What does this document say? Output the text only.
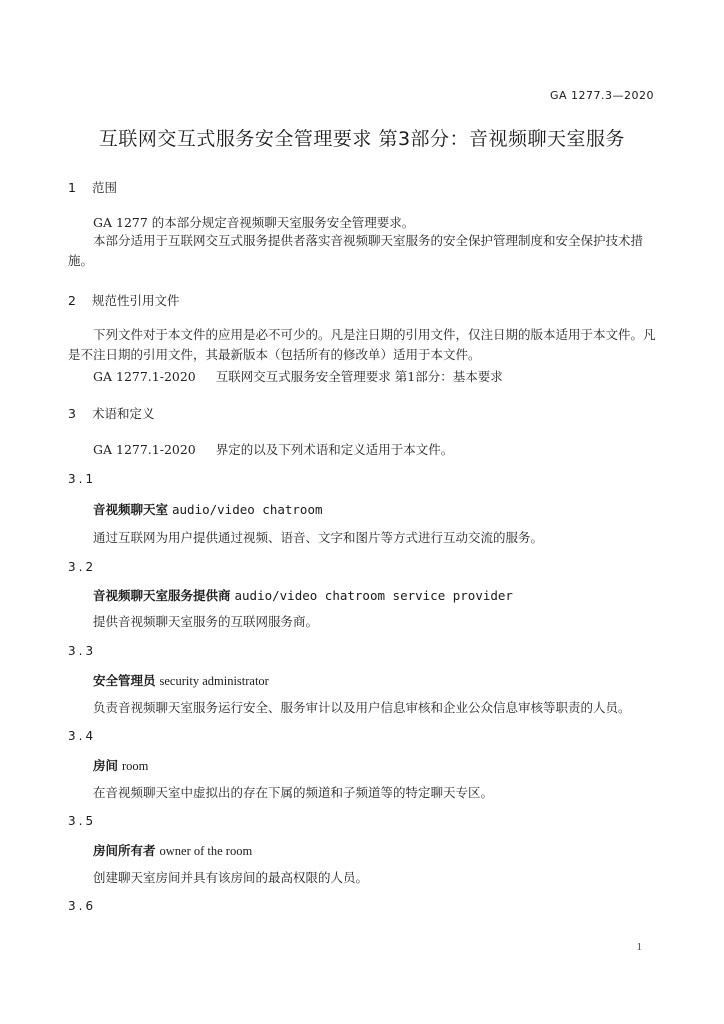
GA 1277.3—2020
互联网交互式服务安全管理要求 第3部分：音视频聊天室服务
1 范围
GA 1277 的本部分规定音视频聊天室服务安全管理要求。
本部分适用于互联网交互式服务提供者落实音视频聊天室服务的安全保护管理制度和安全保护技术措施。
2 规范性引用文件
下列文件对于本文件的应用是必不可少的。凡是注日期的引用文件，仅注日期的版本适用于本文件。凡是不注日期的引用文件，其最新版本（包括所有的修改单）适用于本文件。
GA 1277.1-2020 互联网交互式服务安全管理要求 第1部分：基本要求
3 术语和定义
GA 1277.1-2020 界定的以及下列术语和定义适用于本文件。
3.1
音视频聊天室 audio/video chatroom
通过互联网为用户提供通过视频、语音、文字和图片等方式进行互动交流的服务。
3.2
音视频聊天室服务提供商 audio/video chatroom service provider
提供音视频聊天室服务的互联网服务商。
3.3
安全管理员 security administrator
负责音视频聊天室服务运行安全、服务审计以及用户信息审核和企业公众信息审核等职责的人员。
3.4
房间 room
在音视频聊天室中虚拟出的存在下属的频道和子频道等的特定聊天专区。
3.5
房间所有者 owner of the room
创建聊天室房间并具有该房间的最高权限的人员。
3.6
1
